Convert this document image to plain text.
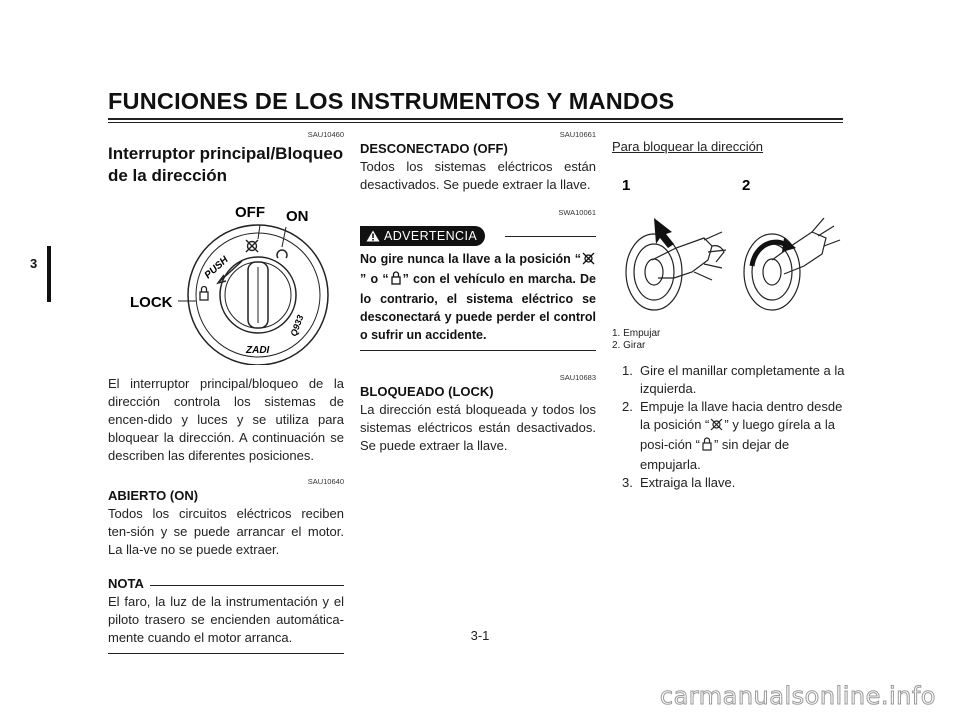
FUNCIONES DE LOS INSTRUMENTOS Y MANDOS
3
SAU10460
Interruptor principal/Bloqueo
de la dirección
PUSH
ZADI
Q933
OFF ON
LOCK

El interruptor principal/bloqueo de la dirección controla los sistemas de encen-dido y luces y se utiliza para bloquear la dirección. A continuación se describen las diferentes posiciones.

SAU10640
ABIERTO (ON)

Todos los circuitos eléctricos reciben ten-sión y se puede arrancar el motor. La lla-ve no se puede extraer.

NOTA

El faro, la luz de la instrumentación y el piloto trasero se encienden automática-mente cuando el motor arranca.

SAU10661
DESCONECTADO (OFF)

Todos los sistemas eléctricos están desactivados. Se puede extraer la llave.

SWA10061
ADVERTENCIA
No gire nunca la llave a la posición “” o “ ” con el vehículo en marcha. De lo contrario, el sistema eléctrico se desconectará y puede perder el control o sufrir un accidente.
SAU10683
BLOQUEADO (LOCK)

La dirección está bloqueada y todos los sistemas eléctricos están desactivados. Se puede extraer la llave.

Para bloquear la dirección
1	2
1. Empujar
2. Girar
1. Gire el manillar completamente a la izquierda.
2. Empuje la llave hacia dentro desde la posición “ ” y luego gírela a la posi-ción “ ” sin dejar de empujarla.
3. Extraiga la llave.
3-1
carmanualsonline.info
